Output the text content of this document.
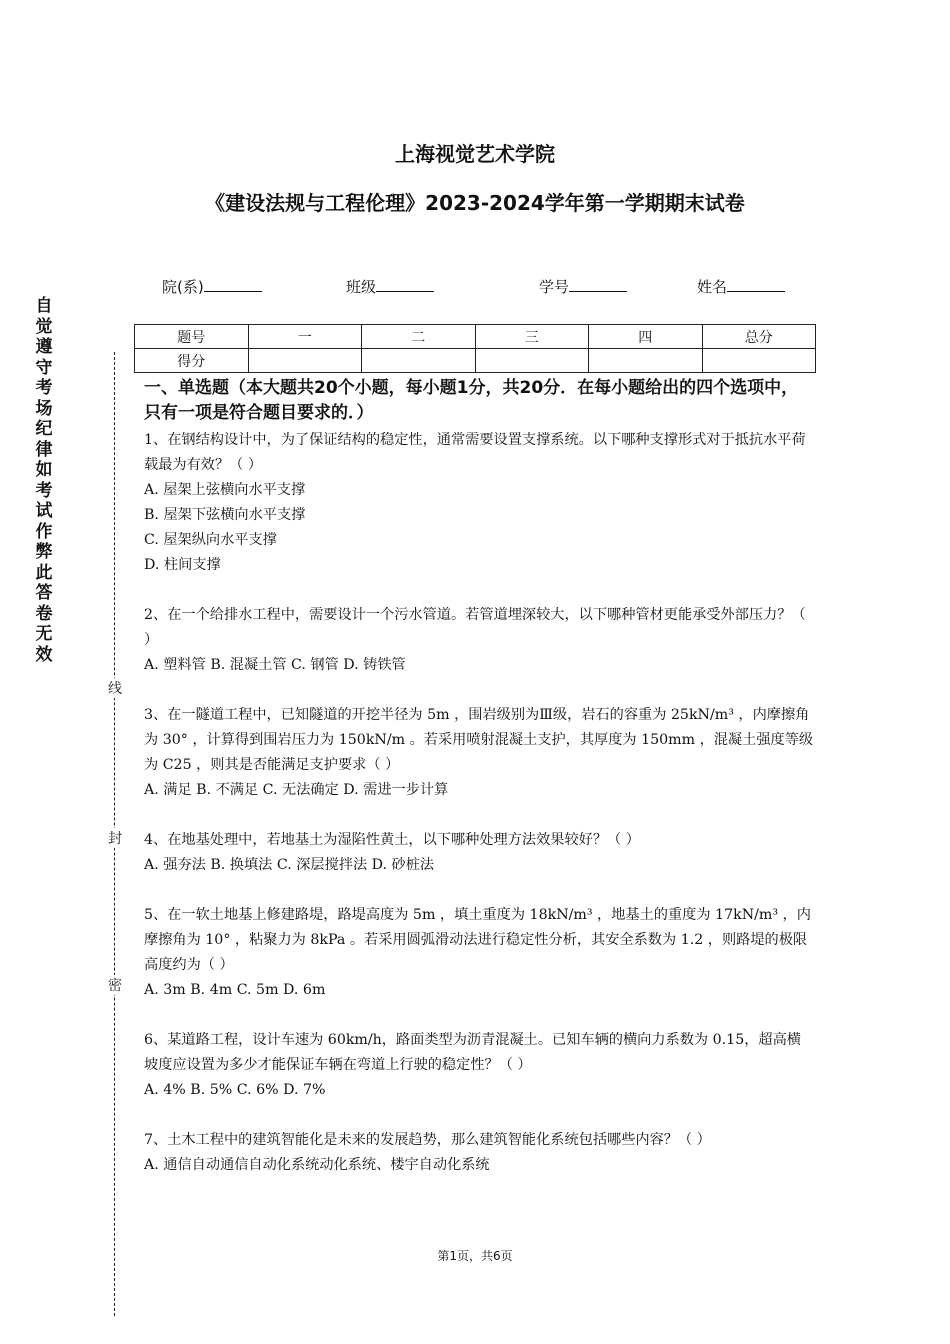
上海视觉艺术学院
《建设法规与工程伦理》2023-2024学年第一学期期末试卷
院(系)	班级	学号	姓名
题号	一	二	三	四	总分
得分					
自觉遵守考场纪律如考试作弊此答卷无效
线
封
密
一、单选题（本大题共20个小题，每小题1分，共20分．在每小题给出的四个选项中，只有一项是符合题目要求的．）

1、在钢结构设计中，为了保证结构的稳定性，通常需要设置支撑系统。以下哪种支撑形式对于抵抗水平荷载最为有效？（ ）

A. 屋架上弦横向水平支撑

B. 屋架下弦横向水平支撑

C. 屋架纵向水平支撑

D. 柱间支撑

2、在一个给排水工程中，需要设计一个污水管道。若管道埋深较大，以下哪种管材更能承受外部压力？（ ）

A. 塑料管 B. 混凝土管 C. 钢管 D. 铸铁管

3、在一隧道工程中，已知隧道的开挖半径为 5m ，围岩级别为Ⅲ级，岩石的容重为 25kN/m³ ，内摩擦角为 30° ，计算得到围岩压力为 150kN/m 。若采用喷射混凝土支护，其厚度为 150mm ，混凝土强度等级为 C25 ，则其是否能满足支护要求（ ）

A. 满足 B. 不满足 C. 无法确定 D. 需进一步计算

4、在地基处理中，若地基土为湿陷性黄土，以下哪种处理方法效果较好？（ ）

A. 强夯法 B. 换填法 C. 深层搅拌法 D. 砂桩法

5、在一软土地基上修建路堤，路堤高度为 5m ，填土重度为 18kN/m³ ，地基土的重度为 17kN/m³ ，内摩擦角为 10° ，粘聚力为 8kPa 。若采用圆弧滑动法进行稳定性分析，其安全系数为 1.2 ，则路堤的极限高度约为（ ）

A. 3m B. 4m C. 5m D. 6m

6、某道路工程，设计车速为 60km/h，路面类型为沥青混凝土。已知车辆的横向力系数为 0.15，超高横坡度应设置为多少才能保证车辆在弯道上行驶的稳定性？（ ）

A. 4% B. 5% C. 6% D. 7%

7、土木工程中的建筑智能化是未来的发展趋势，那么建筑智能化系统包括哪些内容？（ ）

A. 通信自动通信自动化系统动化系统、楼宇自动化系统

第1页，共6页
